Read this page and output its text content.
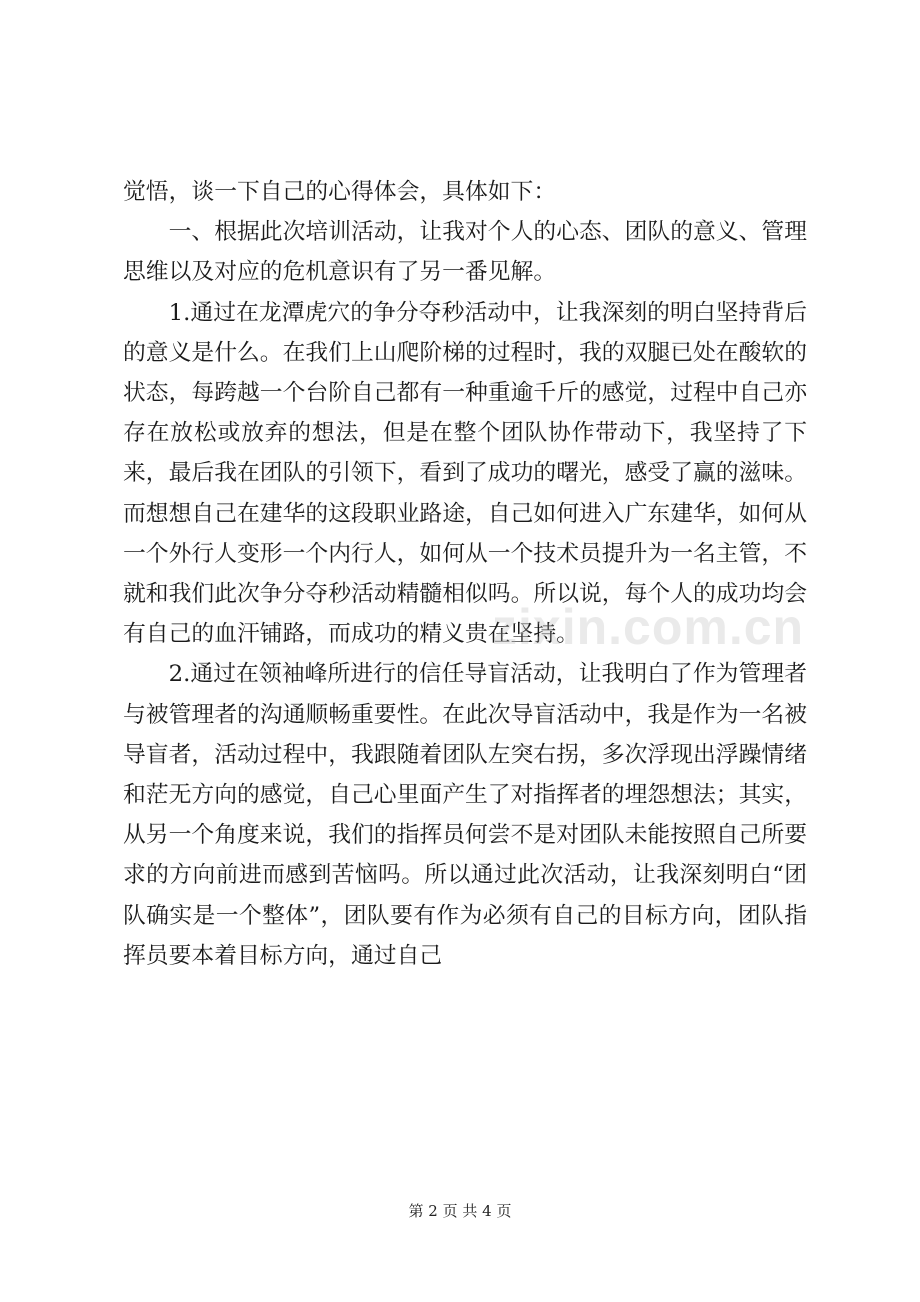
觉悟，谈一下自己的心得体会，具体如下：

一、根据此次培训活动，让我对个人的心态、团队的意义、管理思维以及对应的危机意识有了另一番见解。

1.通过在龙潭虎穴的争分夺秒活动中，让我深刻的明白坚持背后的意义是什么。在我们上山爬阶梯的过程时，我的双腿已处在酸软的状态，每跨越一个台阶自己都有一种重逾千斤的感觉，过程中自己亦存在放松或放弃的想法，但是在整个团队协作带动下，我坚持了下来，最后我在团队的引领下，看到了成功的曙光，感受了赢的滋味。而想想自己在建华的这段职业路途，自己如何进入广东建华，如何从一个外行人变形一个内行人，如何从一个技术员提升为一名主管，不就和我们此次争分夺秒活动精髓相似吗。所以说，每个人的成功均会有自己的血汗铺路，而成功的精义贵在坚持。

2.通过在领袖峰所进行的信任导盲活动，让我明白了作为管理者与被管理者的沟通顺畅重要性。在此次导盲活动中，我是作为一名被导盲者，活动过程中，我跟随着团队左突右拐，多次浮现出浮躁情绪和茫无方向的感觉，自己心里面产生了对指挥者的埋怨想法；其实，从另一个角度来说，我们的指挥员何尝不是对团队未能按照自己所要求的方向前进而感到苦恼吗。所以通过此次活动，让我深刻明白“团队确实是一个整体”，团队要有作为必须有自己的目标方向，团队指挥员要本着目标方向，通过自己

zixin.com.cn
第 2 页 共 4 页
